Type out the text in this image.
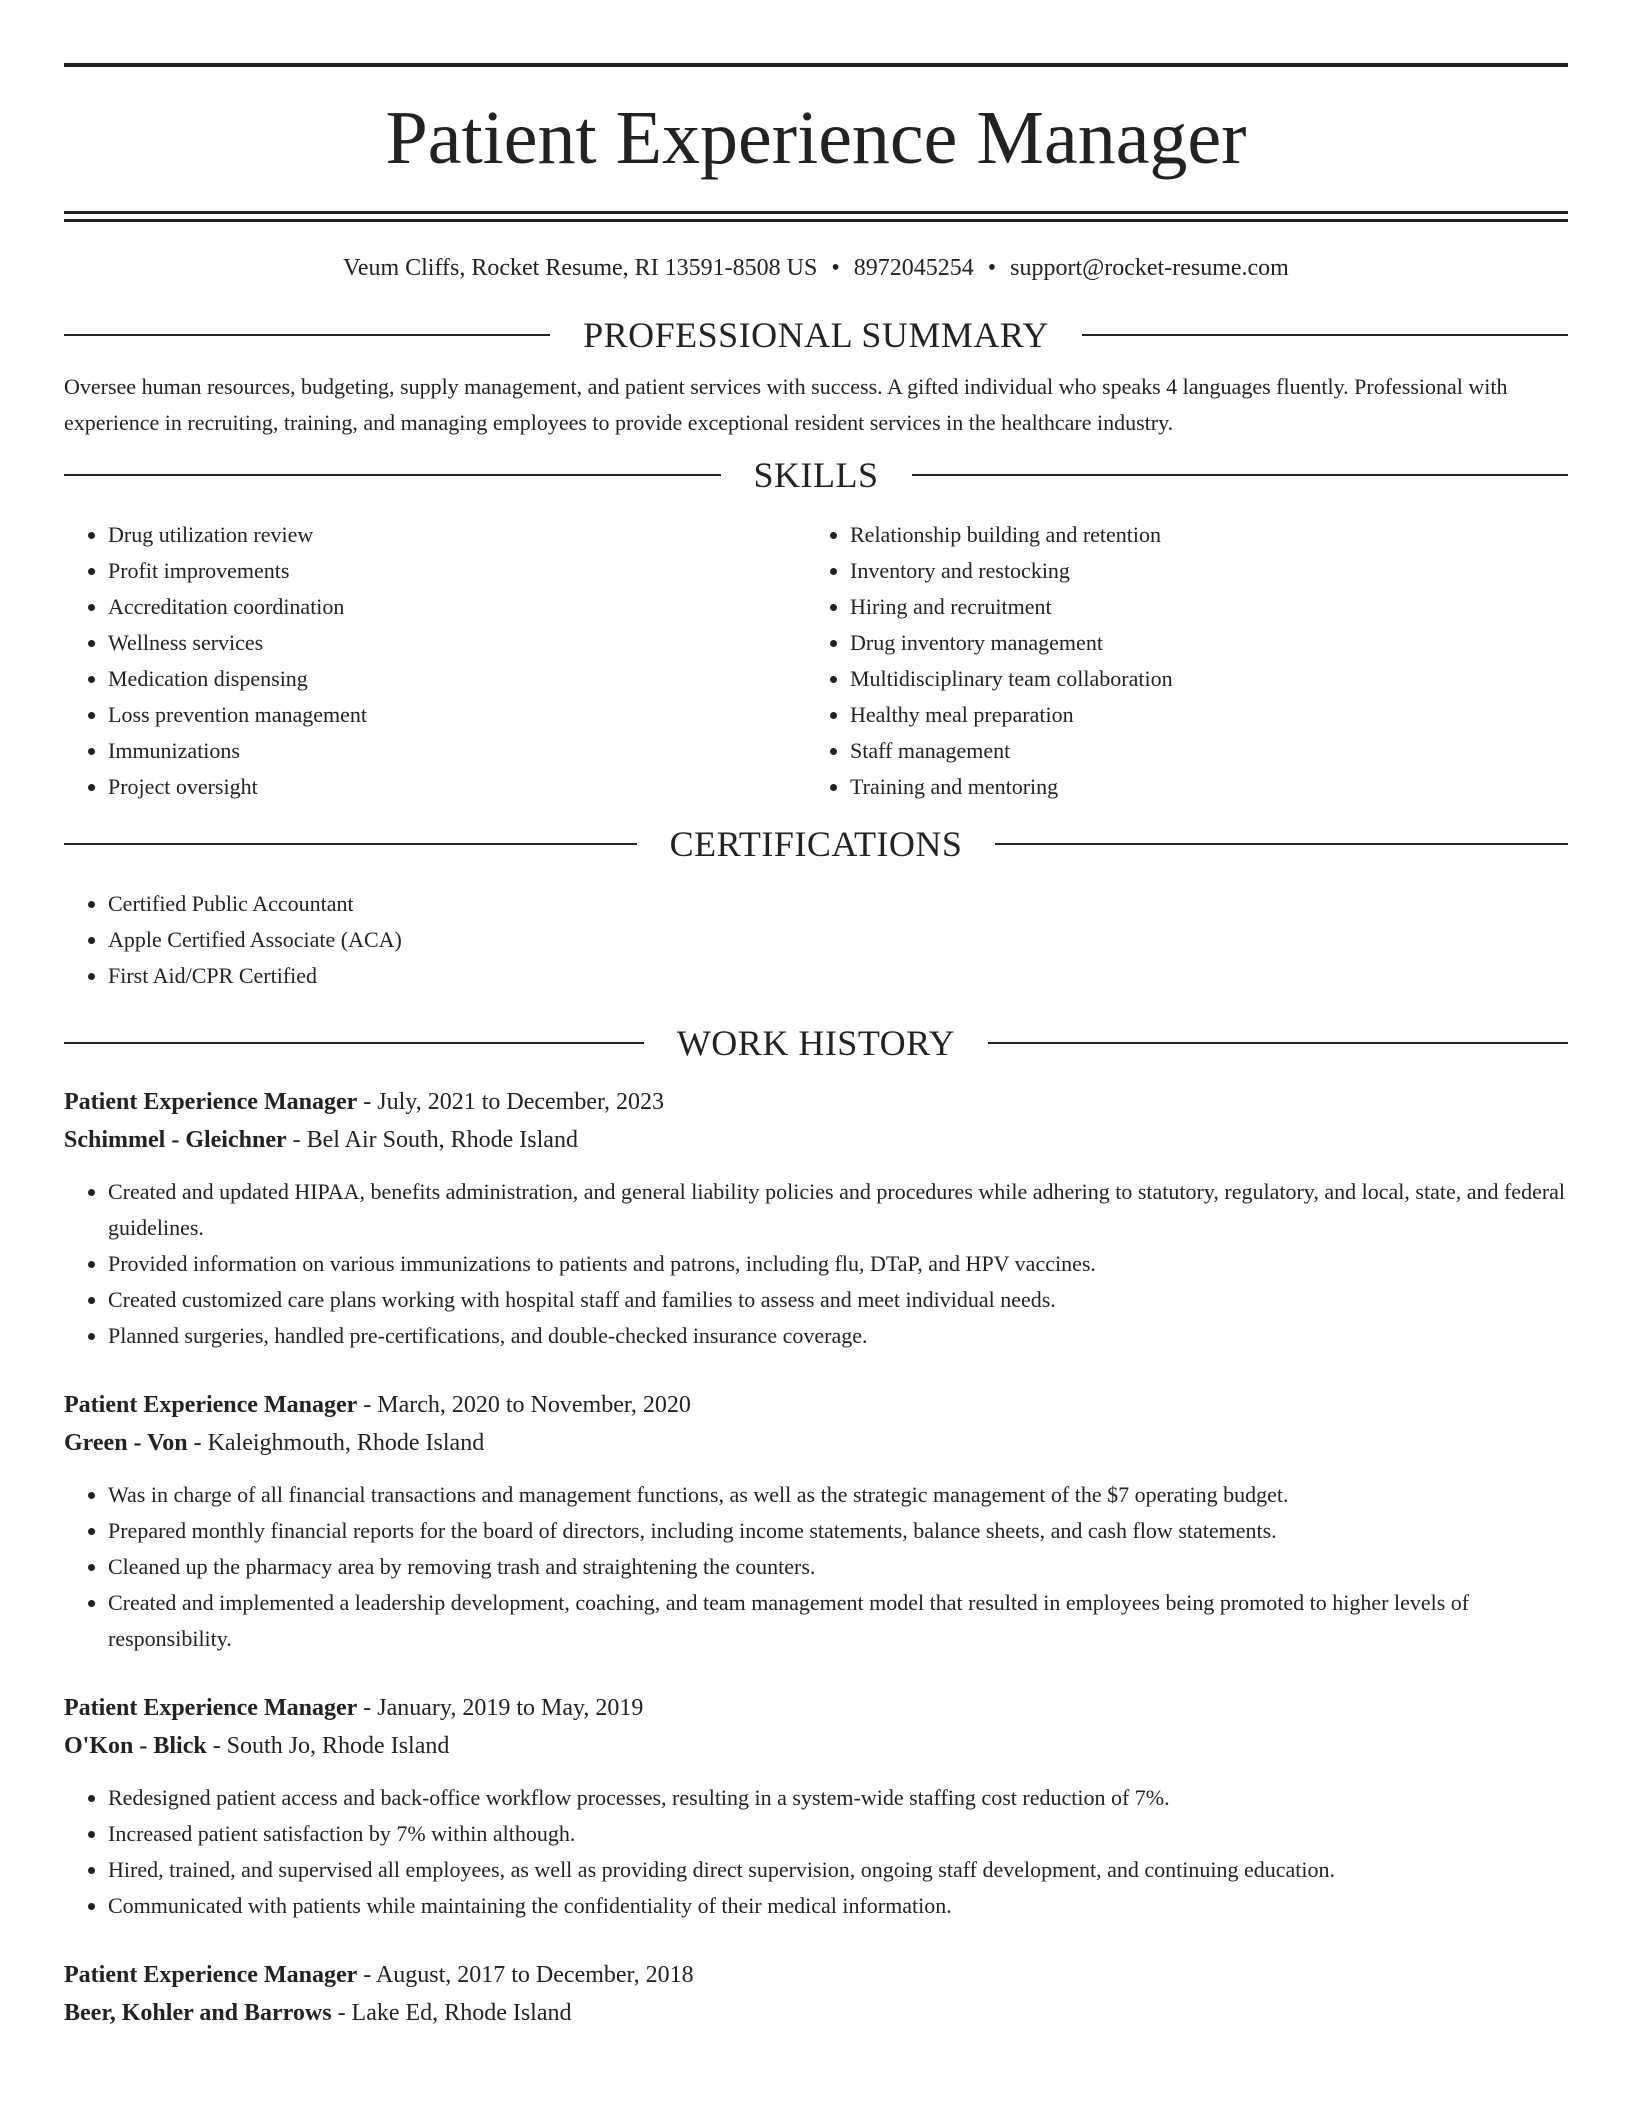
Patient Experience Manager
Veum Cliffs, Rocket Resume, RI 13591-8508 US • 8972045254 • support@rocket-resume.com
PROFESSIONAL SUMMARY

Oversee human resources, budgeting, supply management, and patient services with success. A gifted individual who speaks 4 languages fluently. Professional with experience in recruiting, training, and managing employees to provide exceptional resident services in the healthcare industry.

SKILLS
• Drug utilization review
• Profit improvements
• Accreditation coordination
• Wellness services
• Medication dispensing
• Loss prevention management
• Immunizations
• Project oversight
• Relationship building and retention
• Inventory and restocking
• Hiring and recruitment
• Drug inventory management
• Multidisciplinary team collaboration
• Healthy meal preparation
• Staff management
• Training and mentoring
CERTIFICATIONS
• Certified Public Accountant
• Apple Certified Associate (ACA)
• First Aid/CPR Certified
WORK HISTORY
Patient Experience Manager - July, 2021 to December, 2023
Schimmel - Gleichner - Bel Air South, Rhode Island
• Created and updated HIPAA, benefits administration, and general liability policies and procedures while adhering to statutory, regulatory, and local, state, and federal guidelines.
• Provided information on various immunizations to patients and patrons, including flu, DTaP, and HPV vaccines.
• Created customized care plans working with hospital staff and families to assess and meet individual needs.
• Planned surgeries, handled pre-certifications, and double-checked insurance coverage.
Patient Experience Manager - March, 2020 to November, 2020
Green - Von - Kaleighmouth, Rhode Island
• Was in charge of all financial transactions and management functions, as well as the strategic management of the $7 operating budget.
• Prepared monthly financial reports for the board of directors, including income statements, balance sheets, and cash flow statements.
• Cleaned up the pharmacy area by removing trash and straightening the counters.
• Created and implemented a leadership development, coaching, and team management model that resulted in employees being promoted to higher levels of responsibility.
Patient Experience Manager - January, 2019 to May, 2019
O'Kon - Blick - South Jo, Rhode Island
• Redesigned patient access and back-office workflow processes, resulting in a system-wide staffing cost reduction of 7%.
• Increased patient satisfaction by 7% within although.
• Hired, trained, and supervised all employees, as well as providing direct supervision, ongoing staff development, and continuing education.
• Communicated with patients while maintaining the confidentiality of their medical information.
Patient Experience Manager - August, 2017 to December, 2018
Beer, Kohler and Barrows - Lake Ed, Rhode Island
